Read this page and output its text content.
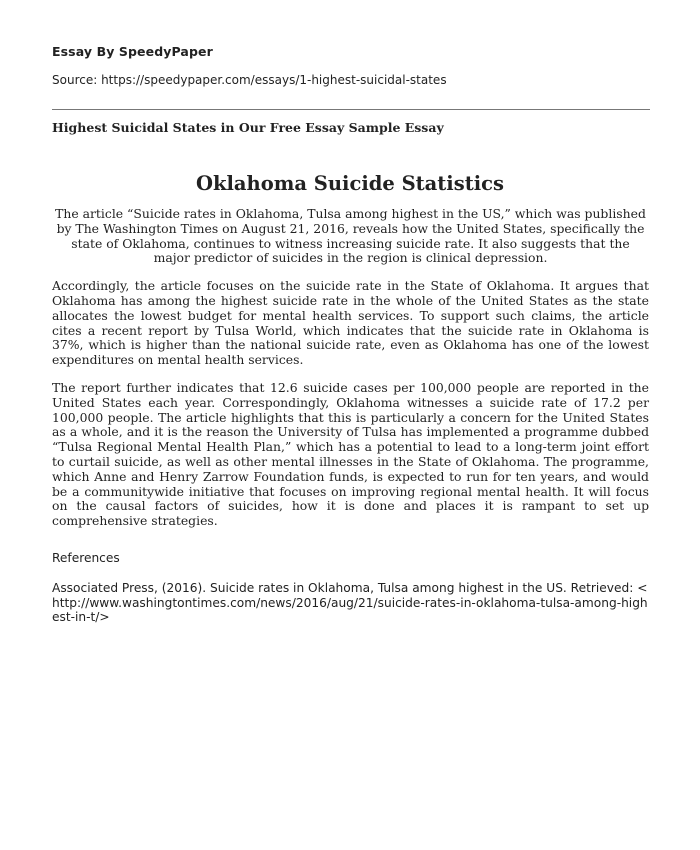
Essay By SpeedyPaper

Source: https://speedypaper.com/essays/1-highest-suicidal-states

Highest Suicidal States in Our Free Essay Sample Essay

Oklahoma Suicide Statistics

The article “Suicide rates in Oklahoma, Tulsa among highest in the US,” which was published by The Washington Times on August 21, 2016, reveals how the United States, specifically the state of Oklahoma, continues to witness increasing suicide rate. It also suggests that the major predictor of suicides in the region is clinical depression.

Accordingly, the article focuses on the suicide rate in the State of Oklahoma. It argues that Oklahoma has among the highest suicide rate in the whole of the United States as the state allocates the lowest budget for mental health services. To support such claims, the article cites a recent report by Tulsa World, which indicates that the suicide rate in Oklahoma is 37%, which is higher than the national suicide rate, even as Oklahoma has one of the lowest expenditures on mental health services.

The report further indicates that 12.6 suicide cases per 100,000 people are reported in the United States each year. Correspondingly, Oklahoma witnesses a suicide rate of 17.2 per 100,000 people. The article highlights that this is particularly a concern for the United States as a whole, and it is the reason the University of Tulsa has implemented a programme dubbed “Tulsa Regional Mental Health Plan,” which has a potential to lead to a long-term joint effort to curtail suicide, as well as other mental illnesses in the State of Oklahoma. The programme, which Anne and Henry Zarrow Foundation funds, is expected to run for ten years, and would be a communitywide initiative that focuses on improving regional mental health. It will focus on the causal factors of suicides, how it is done and places it is rampant to set up comprehensive strategies.

References

Associated Press, (2016). Suicide rates in Oklahoma, Tulsa among highest in the US. Retrieved: <http://www.washingtontimes.com/news/2016/aug/21/suicide-rates-in-oklahoma-tulsa-among-highest-in-t/>
